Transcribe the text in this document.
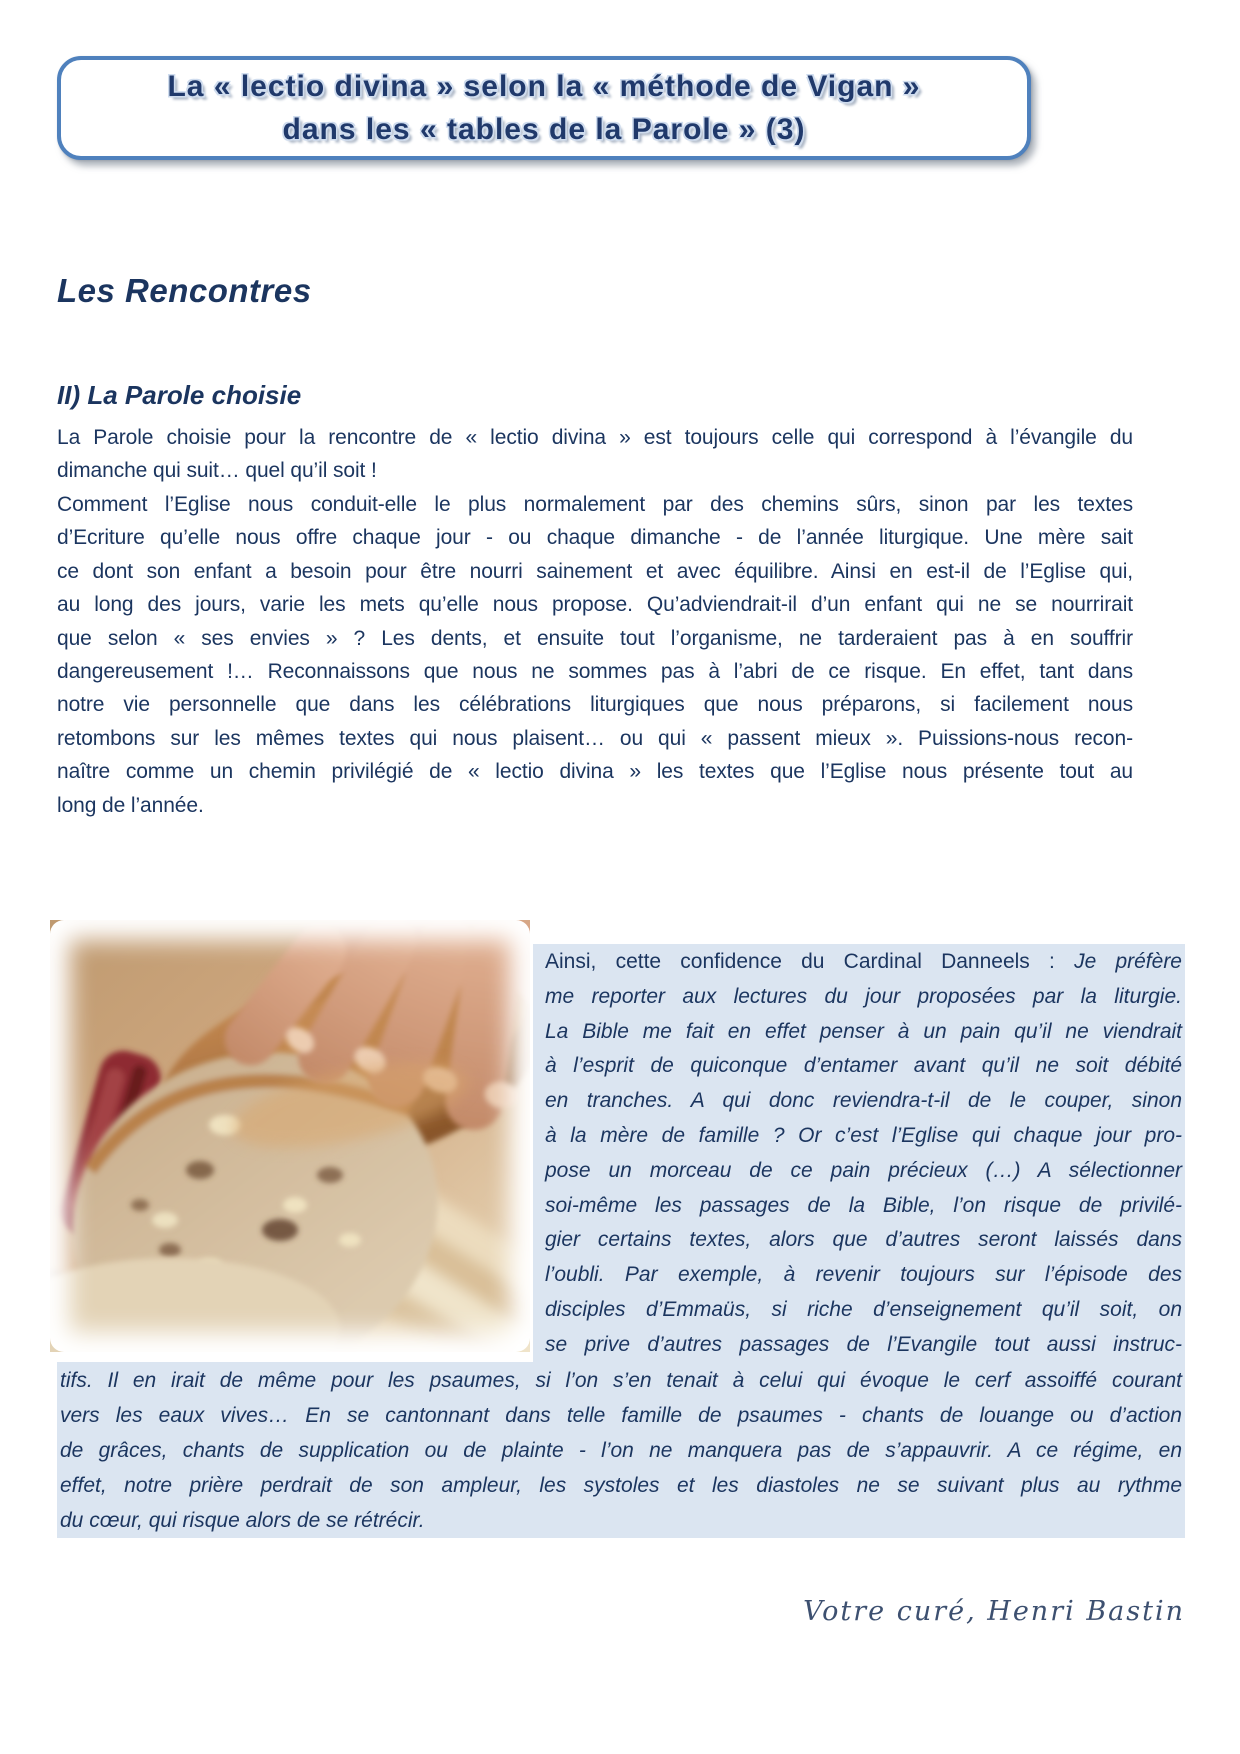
La « lectio divina » selon la « méthode de Vigan »
dans les « tables de la Parole » (3)
Les Rencontres
II) La Parole choisie
La Parole choisie pour la rencontre de « lectio divina » est toujours celle qui correspond à l’évangile du
dimanche qui suit… quel qu’il soit !
Comment l’Eglise nous conduit-elle le plus normalement par des chemins sûrs, sinon par les textes
d’Ecriture qu’elle nous offre chaque jour - ou chaque dimanche - de l’année liturgique. Une mère sait
ce dont son enfant a besoin pour être nourri sainement et avec équilibre. Ainsi en est-il de l’Eglise qui,
au long des jours, varie les mets qu’elle nous propose. Qu’adviendrait-il d’un enfant qui ne se nourrirait
que selon « ses envies » ? Les dents, et ensuite tout l’organisme, ne tarderaient pas à en souffrir
dangereusement !… Reconnaissons que nous ne sommes pas à l’abri de ce risque. En effet, tant dans
notre vie personnelle que dans les célébrations liturgiques que nous préparons, si facilement nous
retombons sur les mêmes textes qui nous plaisent… ou qui « passent mieux ». Puissions-nous recon-
naître comme un chemin privilégié de « lectio divina » les textes que l’Eglise nous présente tout au
long de l’année.
Ainsi, cette confidence du Cardinal Danneels : Je préfère
me reporter aux lectures du jour proposées par la liturgie.
La Bible me fait en effet penser à un pain qu’il ne viendrait
à l’esprit de quiconque d’entamer avant qu’il ne soit débité
en tranches. A qui donc reviendra-t-il de le couper, sinon
à la mère de famille ? Or c’est l’Eglise qui chaque jour pro-
pose un morceau de ce pain précieux (…) A sélectionner
soi-même les passages de la Bible, l’on risque de privilé-
gier certains textes, alors que d’autres seront laissés dans
l’oubli. Par exemple, à revenir toujours sur l’épisode des
disciples d’Emmaüs, si riche d’enseignement qu’il soit, on
se prive d’autres passages de l’Evangile tout aussi instruc-
tifs. Il en irait de même pour les psaumes, si l’on s’en tenait à celui qui évoque le cerf assoiffé courant
vers les eaux vives… En se cantonnant dans telle famille de psaumes - chants de louange ou d’action
de grâces, chants de supplication ou de plainte - l’on ne manquera pas de s’appauvrir. A ce régime, en
effet, notre prière perdrait de son ampleur, les systoles et les diastoles ne se suivant plus au rythme
du cœur, qui risque alors de se rétrécir.
Votre curé, Henri Bastin
